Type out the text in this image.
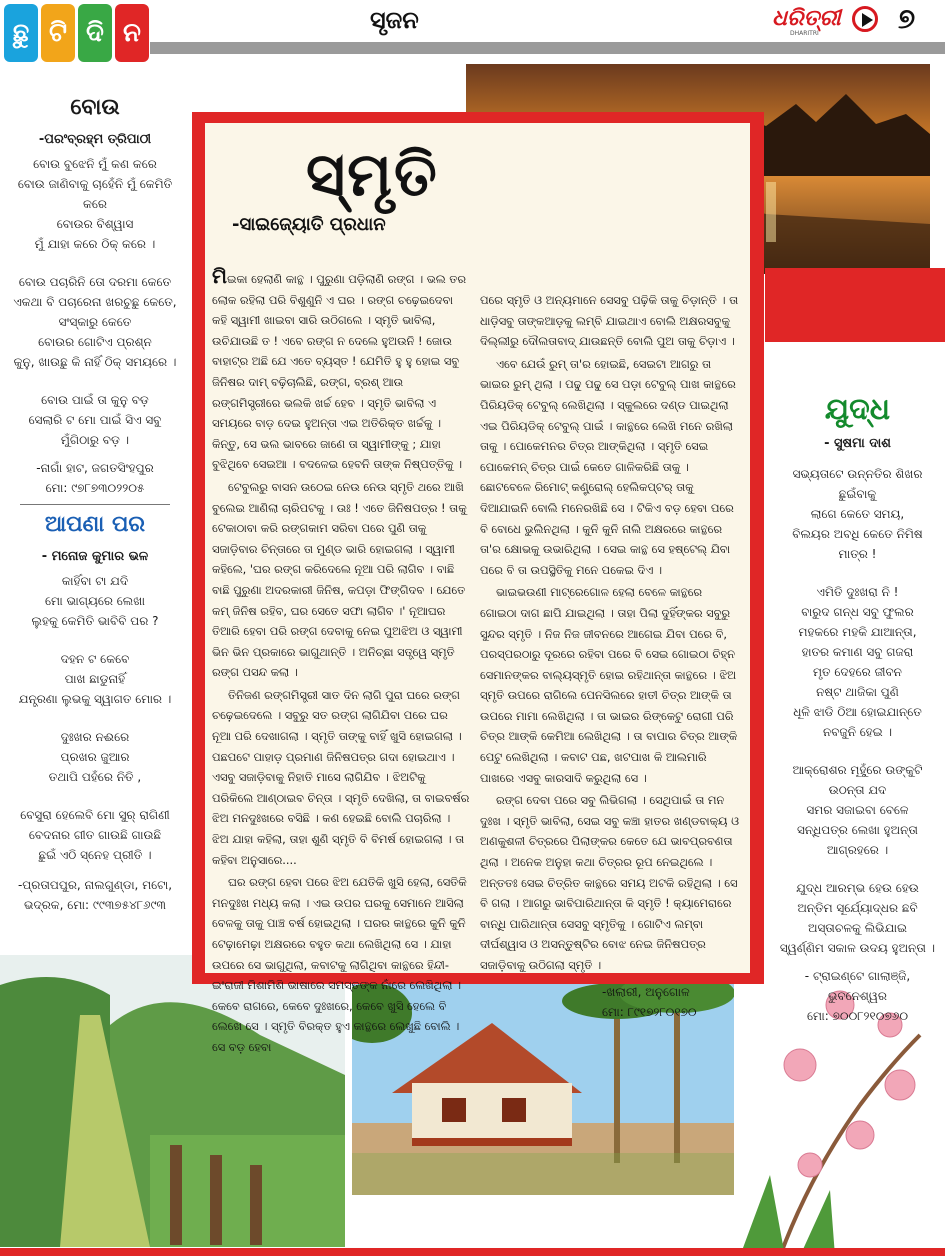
ଛୁ ଟି ଦି ନ	ସୃଜନ	ଧରିତ୍ରୀ
DHARITRI	୭
ବୋଉ
-ପରଂବ୍ରହ୍ମ ତ୍ରିପାଠୀ
ବୋଉ ବୁଝେନି ମୁଁ କଣ କରେ
ବୋଉ ଜାଣିବାକୁ ଚାହେଁନି ମୁଁ କେମିତି
କରେ
ବୋଉର ବିଶ୍ୱାସ
ମୁଁ ଯାହା କରେ ଠିକ୍ କରେ ।
ବୋଉ ପଚାରିନି ତୋ ଦରମା କେତେ
ଏକଥା ବି ପଚାରେନା ଖରଚୁଛୁ କେତେ,
ସଂସ୍କାରୁ କେତେ
ବୋଉର ଗୋଟିଏ ପ୍ରଶ୍ନ
କୁନୁ, ଖାଉଛୁ କି ନାହିଁ ଠିକ୍ ସମୟରେ ।
ବୋଉ ପାଇଁ ତା କୁନୁ ବଡ଼
ସେଲାରି ଟ ମୋ ପାଇଁ ସିଏ ସବୁ
ମୁଁଗିଠାରୁ ବଡ଼ ।
-ନାଗାଁ ହାଟ, ଜଗତସିଂହପୁର
ମୋ: ୯୭୮୭୩୦୨୨୦୫
ଆପଣା ପର
- ମନୋଜ କୁମାର ଭଳ
କାହିଁବା ଟା ଯଦି
ମୋ ଭାଗ୍ୟରେ ଲେଖା
ଲୁହକୁ କେମିତି ଭାବିବି ପର ?
ଦହନ ଟ କେବେ
ପାଖ ଛାଡୁନାହିଁ
ଯନ୍ତ୍ରଣା ଲୁଭକୁ ସ୍ୱାଗତ ମୋର ।
ଦୁଃଖର ନଈରେ
ପ୍ରଖର ଜୁଆର
ତଥାପି ପହଁରେ ନିତି ,
ବେସୁରା ହେଲେବି ମୋ ସୁର୍ ରାଗିଣୀ
ବେଦନାର ଗୀତ ଗାଉଛି ଗାଉଛି
ଛୁଇଁ ଏଠି ସ୍ନେହ ପ୍ରୀତି ।
-ପ୍ରତାପପୁର, ନାଲଗୁଣ୍ଡା, ମଟୋ,
ଭଦ୍ରକ, ମୋ: ୯୯୩୭୫୪୮୬୯୩
ସ୍ମୃତି
-ସାଇଜ୍ୟୋତି ପ୍ରଧାନ

ମିଇକା ହେଲାଣି କାନ୍ଥ । ପୁରୁଣା ପଡ଼ିଲାଣି ରଙ୍ଗ । ଭଲ ତର ଲୋକ ରହିଲା ପରି ବିଶୁଣୁନି ଏ ଘର । ରଙ୍ଗ ଚଢ଼େଇଦେବା କହି ସ୍ୱାମୀ ଖାଇବା ସାରି ଉଠିଗଲେ । ସ୍ମୃତି ଭାବିଲା, ଉଚିଯାଉଛି ତ ! ଏବେ ରଙ୍ଗ ନ ଦେଲେ ହୁଅଉନି ! ଜୋଉ ବାହାଟ୍ର ଅଛି ଯେ ଏତେ ବ୍ୟସ୍ତ ! ଯେମିତି ହୁ ହୁ ହୋଇ ସବୁ ଜିନିଷର ଦାମ୍ ବଢ଼ିଚାଲିଛି, ରଙ୍ଗ, ବ୍ରଶ୍ ଆଉ ରଙ୍ଗମିସ୍ତ୍ରୀରେ ଭଲକି ଖର୍ଚ୍ଚ ହେବ । ସ୍ମୃତି ଭାବିଲା ଏ ସମୟରେ ବାଡ଼ ଦେଇ ହୁଅନ୍ତା ଏଇ ଅତିରିକ୍ତ ଖର୍ଚ୍ଚକୁ । କିନ୍ତୁ, ସେ ଭଲ ଭାବରେ ଜାଣେ ତା ସ୍ୱାମୀଙ୍କୁ ; ଯାହା ବୁଝିଥିବେ ସେଇଆ । ବଦଳେଇ ହେବନି ତାଙ୍କ ନିଷ୍ପତ୍ତିକୁ ।

ଟେବୁଲରୁ ବାସନ ଉଠେଇ ନେଉ ନେଉ ସ୍ମୃତି ଥରେ ଆଖି ବୁଲେଇ ଆଣିଲା ଚାରିପଟକୁ । ଉଃ ! ଏତେ ଜିନିଷପତ୍ର ! ତାକୁ ଟେକାଠାବା କରି ରଙ୍ଗକାମ ସରିବା ପରେ ପୁଣି ତାକୁ ସଜାଡ଼ିବାର ଚିନ୍ତାରେ ତା ମୁଣ୍ଡ ଭାରି ହୋଇଗଲା । ସ୍ୱାମୀ କହିଲେ, 'ଘର ରଙ୍ଗ କରିଦେଲେ ନୂଆ ପରି ଲାଗିବ । ବାଛି ବାଛି ପୁରୁଣା ଅଦରକାରୀ ଜିନିଷ, କପଡ଼ା ଫିଙ୍ଗିଦବ । ଯେତେ କମ୍ ଜିନିଷ ରହିବ, ଘର ସେତେ ସଫା ଲାଗିବ ।' ନୂଆଘର ତିଆରି ହେବା ପରି ରଙ୍ଗ ଦେବାକୁ ନେଇ ପୁଅଝିଅ ଓ ସ୍ୱାମୀ ଭିନ ଭିନ ପ୍ରକାରେ ଭାଗୁଥାନ୍ତି । ଅନିଚ୍ଛା ସତ୍ତ୍ୱେ ସ୍ମୃତି ରଙ୍ଗ ପସନ୍ଦ କଲା ।

ତିନିଜଣ ରଙ୍ଗମିସ୍ତ୍ରୀ ସାତ ଦିନ ଲାଗି ପୁରା ଘରେ ରଙ୍ଗ ଚଢ଼େଇଦେଲେ । ସବୁରୁ ସତ ରଙ୍ଗ ଲାଗିଯିବା ପରେ ଘର ନୂଆ ପରି ଦେଖାଗଲା । ସ୍ମୃତି ତାଙ୍କୁ ବାହିଁ ଖୁସି ହୋଇଗଲା । ପଛପଟେ ପାହାଡ଼ ପ୍ରମାଣ ଜିନିଷପତ୍ର ଗଦା ହୋଇଥାଏ । ଏସବୁ ସଜାଡ଼ିବାକୁ ନିହାତି ମାସେ ଲାଗିଯିବ । ଝିଅଟିକୁ ପରିକିଲେ ଆଣ୍ଠାଇବ ଚିନ୍ତା । ସ୍ମୃତି ଦେଖିଲା, ତା ବାଇବର୍ଷର ଝିଅ ମନଦୁଃଖରେ ବସିଛି । କଣ ହେଇଛି ବୋଲି ପଚାରିଲା । ଝିଅ ଯାହା କହିଲା, ତାହା ଶୁଣି ସ୍ମୃତି ବି ବିମର୍ଷ ହୋଇଗଲା । ତା କହିବା ଅନୁସାରେ....

ଘର ରଙ୍ଗ ହେବା ପରେ ଝିଅ ଯେତିକି ଖୁସି ହେଲା, ସେତିକି ମନଦୁଃଖ ମଧ୍ୟ କଲା । ଏଇ ଉପର ଘରକୁ ସେମାନେ ଆସିଲା ବେଳକୁ ତାକୁ ପାଞ୍ଚ ବର୍ଷ ହୋଇଥିଲା । ଘରର କାନ୍ଥରେ କୁନି କୁନି ଟେଢ଼ାମେଢ଼ା ଅକ୍ଷରରେ ବହୁତ କଥା ଲେଖିଥିଲା ସେ । ଯାହା ଉପରେ ସେ ଭାଗୁଥିଲା, କବାଟକୁ ଲାଗିଥିବା କାନ୍ଥରେ ହିନ୍ଦୀ-ଇଂରାଜୀ ମିଶାମିଶି ଭାଷାରେ ସମସ୍ତଙ୍କ ନାଁରେ ଲେଖିଥିଲା । କେବେ ରାଗରେ, କେବେ ଦୁଃଖରେ, କେବେ ଖୁସି ହେଲେ ବି ଲେଖେ ସେ । ସ୍ମୃତି ବିରକ୍ତ ହୁଏ କାନ୍ଥରେ ଲେଖୁଛି ବୋଲି । ସେ ବଡ଼ ହେବା

ପରେ ସ୍ମୃତି ଓ ଅନ୍ୟମାନେ ସେସବୁ ପଢ଼ିକି ତାକୁ ଚିଡ଼ାନ୍ତି । ତା ଧାଡ଼ିସବୁ ତାଙ୍କଆଡ଼କୁ ଲମ୍ବି ଯାଇଥାଏ ବୋଲି ଅକ୍ଷରସବୁକୁ ଦିଲ୍ଲୀରୁ ଦୌଲତାବାଦ୍ ଯାଉଛନ୍ତି ବୋଲି ପୁଅ ତାକୁ ଚିଡ଼ାଏ ।

ଏବେ ଯେଉଁ ରୁମ୍ ତା'ର ହୋଇଛି, ସେଇଟା ଆଗରୁ ତା ଭାଇର ରୁମ୍ ଥିଲା । ପଢୁ ପଢୁ ସେ ପଡ଼ା ଟେବୁଲ୍ ପାଖ କାନ୍ଥରେ ପିରିୟଡିକ୍ ଟେବୁଲ୍ ଲେଖିଥିଲା । ସ୍କୁଲରେ ଦଣ୍ଡ ପାଇଥିଲା ଏଇ ପିରିୟଡିକ୍ ଟେବୁଲ୍ ପାଇଁ । କାନ୍ଥରେ ଲେଖି ମନେ ରଖିଲା ତାକୁ । ପୋକେମନର ଚିତ୍ର ଆଙ୍କିଥିଲା । ସ୍ମୃତି ସେଇ ପୋକେମନ୍ ଚିତ୍ର ପାଇଁ କେତେ ଗାଳିକରିଛି ତାକୁ । ଛୋଟବେଳେ ରିମୋଟ୍ କଣ୍ଟ୍ରୋଲ୍ ହେଲିକପ୍ଟର୍ ତାକୁ ଦିଆଯାଇନି ବୋଲି ମନେରଖିଛି ସେ । ଟିକିଏ ବଡ଼ ହେବା ପରେ ବି ବୋଧେ ଭୁଲିନଥିଲା । କୁନି କୁନି ନାଲି ଅକ୍ଷରରେ କାନ୍ଥରେ ତା'ର କ୍ଷୋଭକୁ ଉଭାରିଥିଲା । ସେଇ କାନ୍ଥ ସେ ହଷ୍ଟେଲ୍ ଯିବା ପରେ ବି ତା ଉପସ୍ଥିତିକୁ ମନେ ପକେଇ ଦିଏ ।

ଭାଇଭଉଣୀ ମାଟ୍ରେଗୋଳ ହେଲା ବେଳେ କାନ୍ଥରେ ଗୋଇଠା ଦାଗ ଛାପି ଯାଇଥିଲା । ତାହା ପିଲା ଦୁହିଁଙ୍କର ସବୁରୁ ସୁନ୍ଦର ସ୍ମୃତି । ନିଜ ନିଜ ଜୀବନରେ ଆଗେଇ ଯିବା ପରେ ବି, ପରସ୍ପରଠାରୁ ଦୂରରେ ରହିବା ପରେ ବି ସେଇ ଗୋଇଠା ଚିହ୍ନ ସେମାନଙ୍କର ବାଲ୍ୟସ୍ମୃତି ହୋଇ ରହିଥାନ୍ତା କାନ୍ଥରେ । ଝିଅ ସ୍ମୃତି ଉପରେ ରାଗିଲେ ପେନସିଲରେ ହାତୀ ଚିତ୍ର ଆଙ୍କି ତା ଉପରେ ମାମା ଲେଖିଥିଲା । ତା ଭାଇର ରିଙ୍କେଟୁ ରୋଗୀ ପରି ଚିତ୍ର ଆଙ୍କି କେମିଆ ଲେଖିଥିଲା । ତା ବାପାର ଚିତ୍ର ଆଙ୍କି ପେଟୁ ଲେଖିଥିଲା । କବାଟ ପଛ, ଖଟପାଖ କି ଆଲମାରି ପାଖରେ ଏସବୁ କାରସାଦି କରୁଥିଲା ସେ ।

ରଙ୍ଗ ଦେବା ପରେ ସବୁ ଲିଭିଗଲା । ସେଥିପାଇଁ ତା ମନ ଦୁଃଖ । ସ୍ମୃତି ଭାବିଲା, ସେଇ ସବୁ କଞ୍ଚା ହାତର ଖଣ୍ଡବାକ୍ୟ ଓ ଅଣକୁଶଳୀ ଚିତ୍ରରେ ପିଲାଙ୍କର କେତେ ଯେ ଭାବପ୍ରବଣତା ଥିଲା । ଅନେକ ଅନୁହା କଥା ଚିତ୍ରର ରୂପ ନେଇଥିଲେ । ଅନ୍ତତଃ ସେଇ ଚିତ୍ରିତ କାନ୍ଥରେ ସମୟ ଅଟକି ରହିଥିଲା । ସେ ବି ଗଲା । ଆଗରୁ ଭାବିପାରିଥାନ୍ତା କି ସ୍ମୃତି ! କ୍ୟାମେରାରେ ବାନ୍ଧି ପାରିଥାନ୍ତା ସେସବୁ ସ୍ମୃତିକୁ । ଗୋଟିଏ ଲମ୍ବା ଦୀର୍ଘଶ୍ୱାସ ଓ ଅସନ୍ତୁଷ୍ଟିର ବୋଝ ନେଇ ଜିନିଷପତ୍ର ସଜାଡ଼ିବାକୁ ଉଠିଗଲା ସ୍ମୃତି ।

-ଖଲାରୀ, ଅନୁଗୋଳ
ମୋ: ୮୯୧୭୨୮୦୧୭୦
ଯୁଦ୍ଧ
- ସୁଷମା ଦାଶ
ସଭ୍ୟତାଟେ ଉନ୍ନତିର ଶିଖର
ଛୁଇଁବାକୁ
ଲାଗେ କେତେ ସମୟ,
ବିଲୟର ଅବଧି କେତେ ନିମିଷ
ମାତ୍ର !
ଏମିତି ଦୁଃଖରା ନି !
ବାରୁଦ ଗନ୍ଧ ସବୁ ଫୁଲର
ମହକରେ ମହକି ଯାଆନ୍ତା,
ହାତର କମାଣ ସବୁ ଗଜରା
ମୃତ ଦେହରେ ଜୀବନ
ନଷ୍ଟ ଥାଜିକା ପୁଣି
ଧୂଳି ଝାଡି ଠିଆ ହୋଇଯାନ୍ତେ
ନବଜୁନି ହେଇ ।
ଆକ୍ରୋଶର ମୂହୁଁରେ ଉଙ୍କୁଟି
ଉଠନ୍ତା ଯଦ
ସମର ସଜାଇବା ବେଳେ
ସନ୍ଧିପତ୍ର ଲେଖା ହୁଅନ୍ତା
ଆଗ୍ରହରେ ।
ଯୁଦ୍ଧ ଆରମ୍ଭ ହେଉ ହେଉ
ଅନ୍ତିମ ସୂର୍ଯ୍ୟୋଦ୍ଧର ଛବି
ଅସ୍ତାଚଳକୁ ଲିଭିଯାଇ
ସ୍ୱର୍ଣ୍ଣିମ ସକାଳ ଉଦୟ ହୁଅନ୍ତା ।
- ଟ୍ରାଇଣ୍ଟେ ଗାଲାଞ୍ଜି,
ଭୁବନେଶ୍ୱର
ମୋ: ୭୦୦୮୨୧୦୭୬୦
